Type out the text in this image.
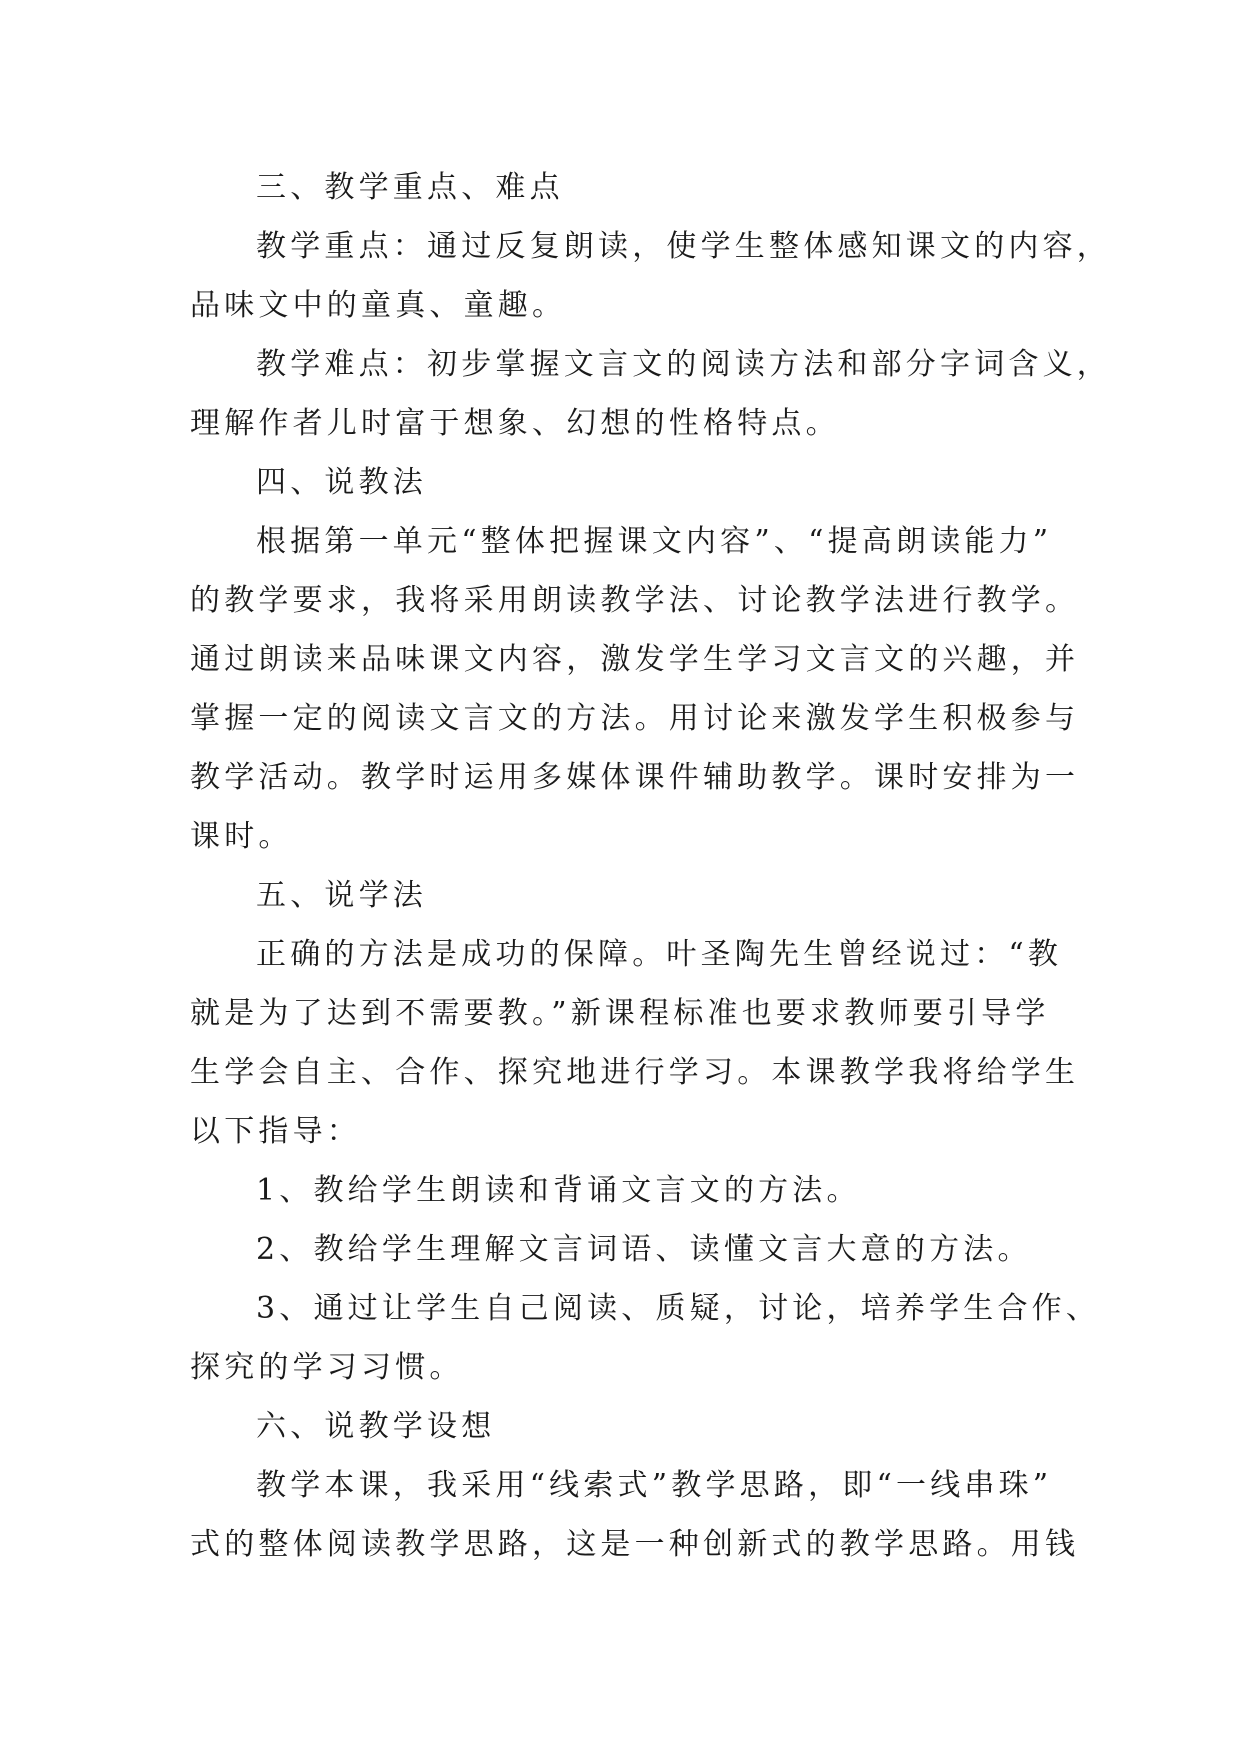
三、教学重点、难点

教学重点：通过反复朗读，使学生整体感知课文的内容，
品味文中的童真、童趣。
教学难点：初步掌握文言文的阅读方法和部分字词含义，
理解作者儿时富于想象、幻想的性格特点。

四、说教法

根据第一单元“整体把握课文内容”、“提高朗读能力”
的教学要求，我将采用朗读教学法、讨论教学法进行教学。
通过朗读来品味课文内容，激发学生学习文言文的兴趣，并
掌握一定的阅读文言文的方法。用讨论来激发学生积极参与
教学活动。教学时运用多媒体课件辅助教学。课时安排为一
课时。

五、说学法

正确的方法是成功的保障。叶圣陶先生曾经说过：“教
就是为了达到不需要教。”新课程标准也要求教师要引导学
生学会自主、合作、探究地进行学习。本课教学我将给学生
以下指导：
1、教给学生朗读和背诵文言文的方法。
2、教给学生理解文言词语、读懂文言大意的方法。
3、通过让学生自己阅读、质疑，讨论，培养学生合作、
探究的学习习惯。

六、说教学设想

教学本课，我采用“线索式”教学思路，即“一线串珠”
式的整体阅读教学思路，这是一种创新式的教学思路。用钱
